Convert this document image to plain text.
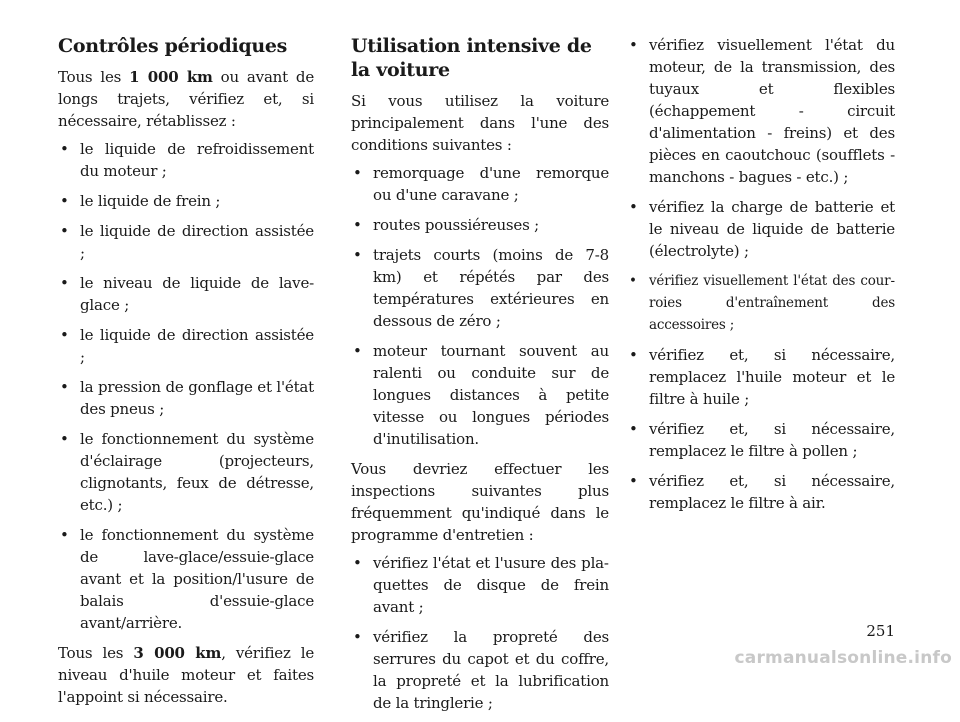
Contrôles périodiques

Tous les 1 000 km ou avant de longs trajets, vérifiez et, si nécessaire, rétablissez :

• le liquide de refroidissement du moteur ;
• le liquide de frein ;
• le liquide de direction assistée ;
• le niveau de liquide de lave-glace ;
• le liquide de direction assistée ;
• la pression de gonflage et l'état des pneus ;
• le fonctionnement du système d'éclairage (projecteurs, clignotants, feux de détresse, etc.) ;
• le fonctionnement du système de lave-glace/essuie-glace avant et la position/l'usure de balais d'essuie-glace avant/arrière.

Tous les 3 000 km, vérifiez le niveau d'huile moteur et faites l'appoint si nécessaire.

Utilisation intensive de la voiture

Si vous utilisez la voiture principalement dans l'une des conditions suivantes :

• remorquage d'une remorque ou d'une caravane ;
• routes poussiéreuses ;
• trajets courts (moins de 7-8 km) et répétés par des températures extérieures en dessous de zéro ;
• moteur tournant souvent au ralenti ou conduite sur de longues distances à petite vitesse ou longues périodes d'inutilisation.

Vous devriez effectuer les inspections suivantes plus fréquemment qu'indiqué dans le programme d'entretien :

• vérifiez l'état et l'usure des plaquettes de disque de frein avant ;
• vérifiez la propreté des serrures du capot et du coffre, la propreté et la lubrification de la tringlerie ;
• vérifiez visuellement l'état du moteur, de la transmission, des tuyaux et flexibles (échappement - circuit d'alimentation - freins) et des pièces en caoutchouc (soufflets - manchons - bagues - etc.) ;
• vérifiez la charge de batterie et le niveau de liquide de batterie (électrolyte) ;
• vérifiez visuellement l'état des courroies d'entraînement des accessoires ;
• vérifiez et, si nécessaire, remplacez l'huile moteur et le filtre à huile ;
• vérifiez et, si nécessaire, remplacez le filtre à pollen ;
• vérifiez et, si nécessaire, remplacez le filtre à air.
251
carmanualsonline.info
